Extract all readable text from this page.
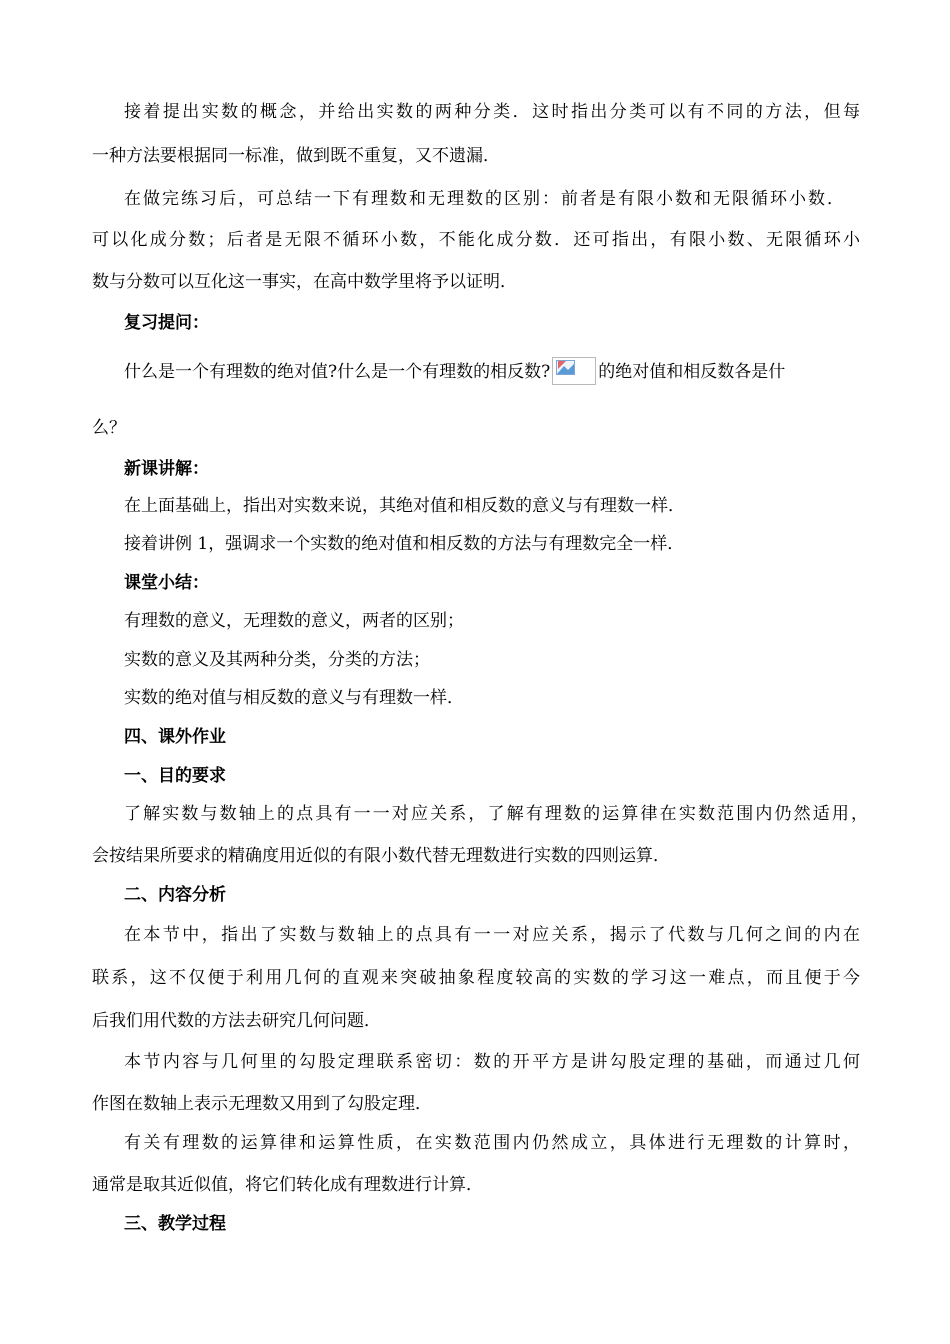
接着提出实数的概念，并给出实数的两种分类．这时指出分类可以有不同的方法，但每
一种方法要根据同一标准，做到既不重复，又不遗漏．
在做完练习后，可总结一下有理数和无理数的区别：前者是有限小数和无限循环小数．
可以化成分数；后者是无限不循环小数，不能化成分数．还可指出，有限小数、无限循环小
数与分数可以互化这一事实，在高中数学里将予以证明．
复习提问：
什么是一个有理数的绝对值?什么是一个有理数的相反数?	的绝对值和相反数各是什
么？
新课讲解：
在上面基础上，指出对实数来说，其绝对值和相反数的意义与有理数一样．
接着讲例 1，强调求一个实数的绝对值和相反数的方法与有理数完全一样．
课堂小结：
有理数的意义，无理数的意义，两者的区别；
实数的意义及其两种分类，分类的方法；
实数的绝对值与相反数的意义与有理数一样．
四、课外作业
一、目的要求
了解实数与数轴上的点具有一一对应关系，了解有理数的运算律在实数范围内仍然适用，
会按结果所要求的精确度用近似的有限小数代替无理数进行实数的四则运算．
二、内容分析
在本节中，指出了实数与数轴上的点具有一一对应关系，揭示了代数与几何之间的内在
联系，这不仅便于利用几何的直观来突破抽象程度较高的实数的学习这一难点，而且便于今
后我们用代数的方法去研究几何问题．
本节内容与几何里的勾股定理联系密切：数的开平方是讲勾股定理的基础，而通过几何
作图在数轴上表示无理数又用到了勾股定理．
有关有理数的运算律和运算性质，在实数范围内仍然成立，具体进行无理数的计算时，
通常是取其近似值，将它们转化成有理数进行计算．
三、教学过程
